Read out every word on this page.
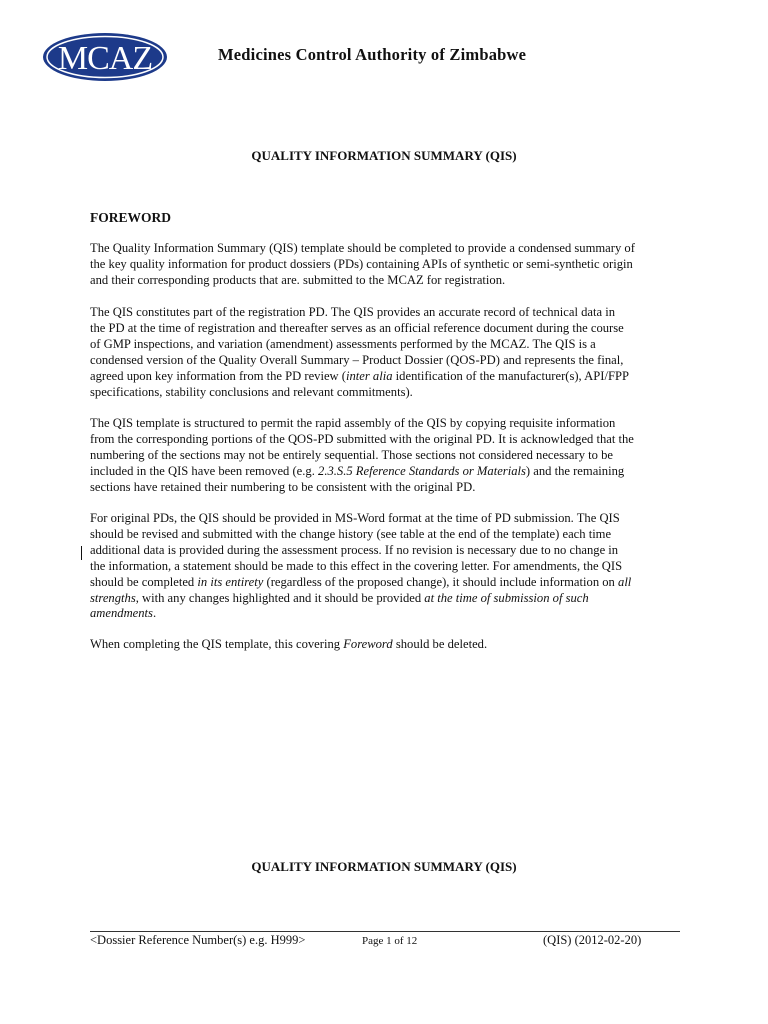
MCAZ	Medicines Control Authority of Zimbabwe
QUALITY INFORMATION SUMMARY (QIS)
FOREWORD
The Quality Information Summary (QIS) template should be completed to provide a condensed summary of
the key quality information for product dossiers (PDs) containing APIs of synthetic or semi-synthetic origin
and their corresponding products that are. submitted to the MCAZ for registration.
The QIS constitutes part of the registration PD. The QIS provides an accurate record of technical data in
the PD at the time of registration and thereafter serves as an official reference document during the course
of GMP inspections, and variation (amendment) assessments performed by the MCAZ. The QIS is a
condensed version of the Quality Overall Summary – Product Dossier (QOS-PD) and represents the final,
agreed upon key information from the PD review (inter alia identification of the manufacturer(s), API/FPP
specifications, stability conclusions and relevant commitments).
The QIS template is structured to permit the rapid assembly of the QIS by copying requisite information
from the corresponding portions of the QOS-PD submitted with the original PD. It is acknowledged that the
numbering of the sections may not be entirely sequential. Those sections not considered necessary to be
included in the QIS have been removed (e.g. 2.3.S.5 Reference Standards or Materials) and the remaining
sections have retained their numbering to be consistent with the original PD.
For original PDs, the QIS should be provided in MS-Word format at the time of PD submission. The QIS
should be revised and submitted with the change history (see table at the end of the template) each time
additional data is provided during the assessment process. If no revision is necessary due to no change in
the information, a statement should be made to this effect in the covering letter. For amendments, the QIS
should be completed in its entirety (regardless of the proposed change), it should include information on all
strengths, with any changes highlighted and it should be provided at the time of submission of such
amendments.
When completing the QIS template, this covering Foreword should be deleted.
QUALITY INFORMATION SUMMARY (QIS)
<Dossier Reference Number(s) e.g. H999>	Page 1 of 12	(QIS) (2012-02-20)
